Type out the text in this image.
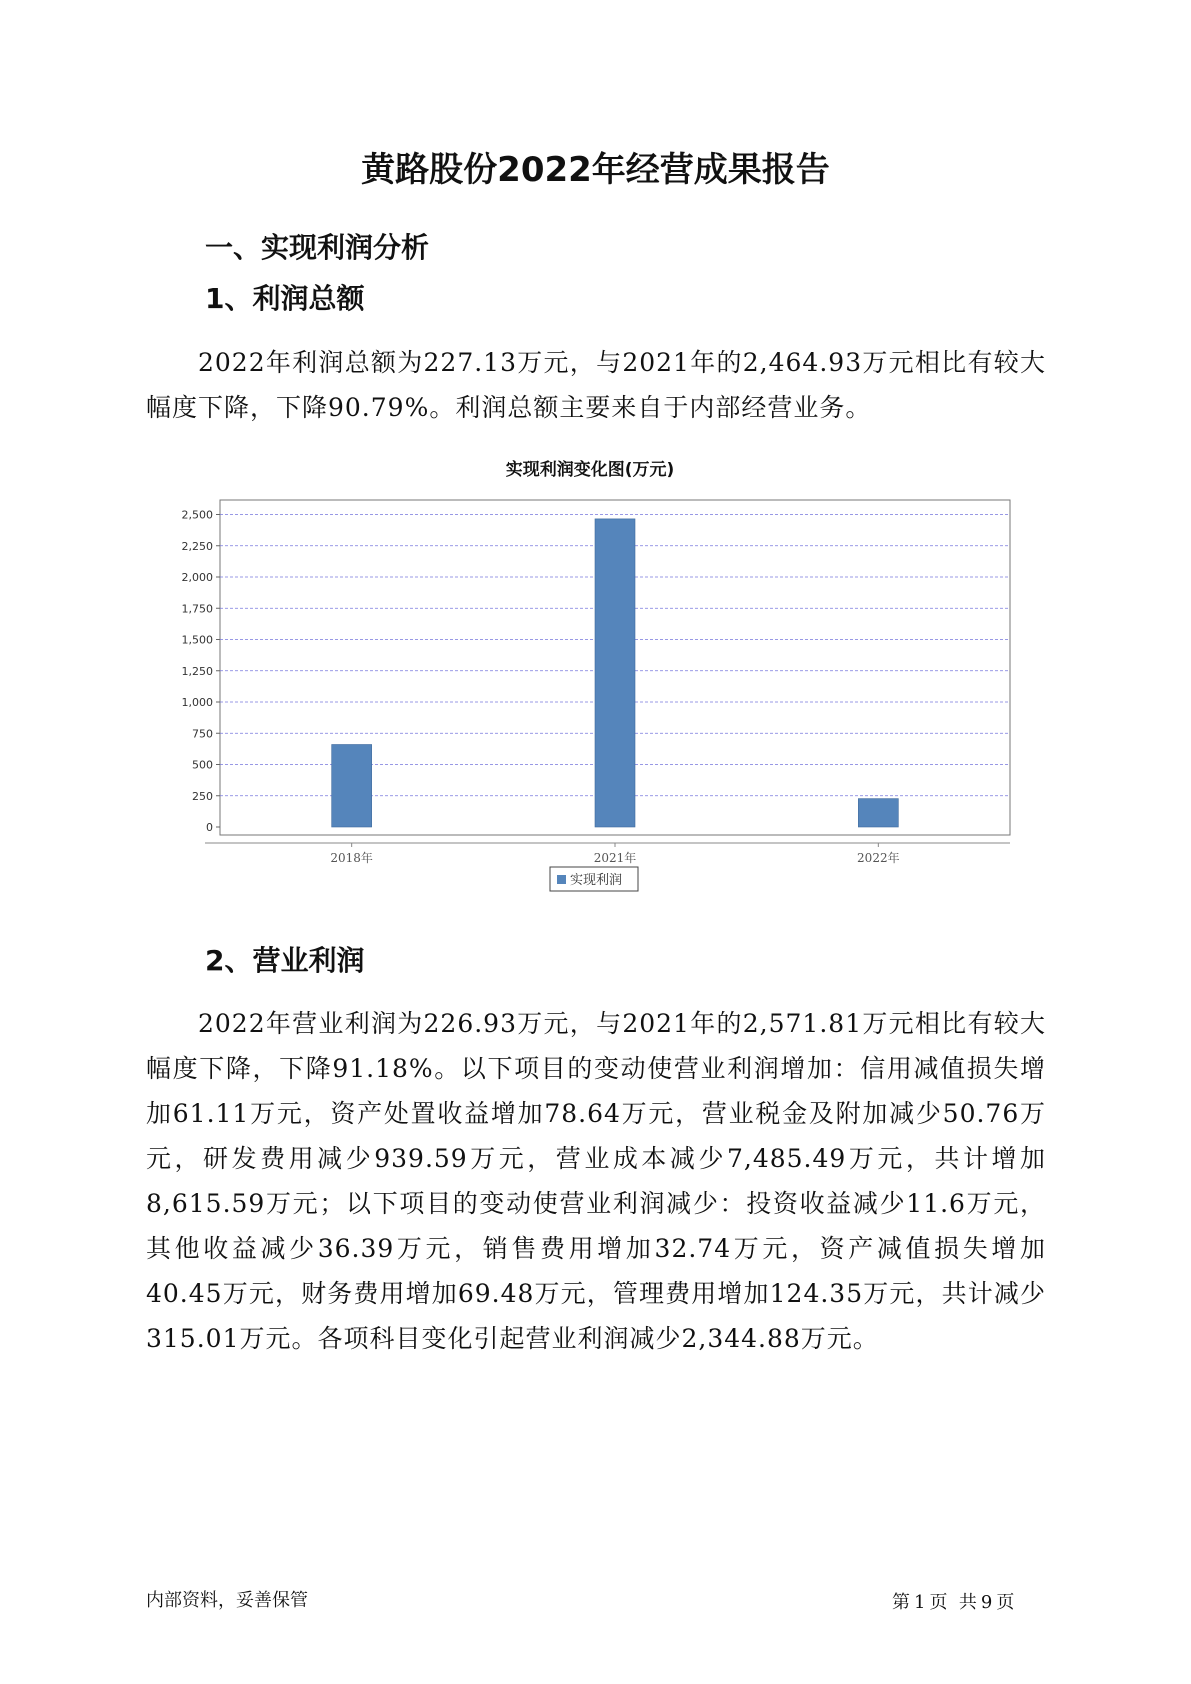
黄路股份2022年经营成果报告
一、实现利润分析
1、利润总额

2022年利润总额为227.13万元，与2021年的2,464.93万元相比有较大幅度下降，下降90.79%。利润总额主要来自于内部经营业务。

实现利润变化图(万元)
0
250
500
750
1,000
1,250
1,500
1,750
2,000
2,250
2,500
2018年	2021年	2022年
实现利润
2、营业利润

2022年营业利润为226.93万元，与2021年的2,571.81万元相比有较大幅度下降，下降91.18%。以下项目的变动使营业利润增加：信用减值损失增加61.11万元，资产处置收益增加78.64万元，营业税金及附加减少50.76万元，研发费用减少939.59万元，营业成本减少7,485.49万元，共计增加8,615.59万元；以下项目的变动使营业利润减少：投资收益减少11.6万元，其他收益减少36.39万元，销售费用增加32.74万元，资产减值损失增加40.45万元，财务费用增加69.48万元，管理费用增加124.35万元，共计减少315.01万元。各项科目变化引起营业利润减少2,344.88万元。

内部资料，妥善保管	第 1 页  共 9 页
